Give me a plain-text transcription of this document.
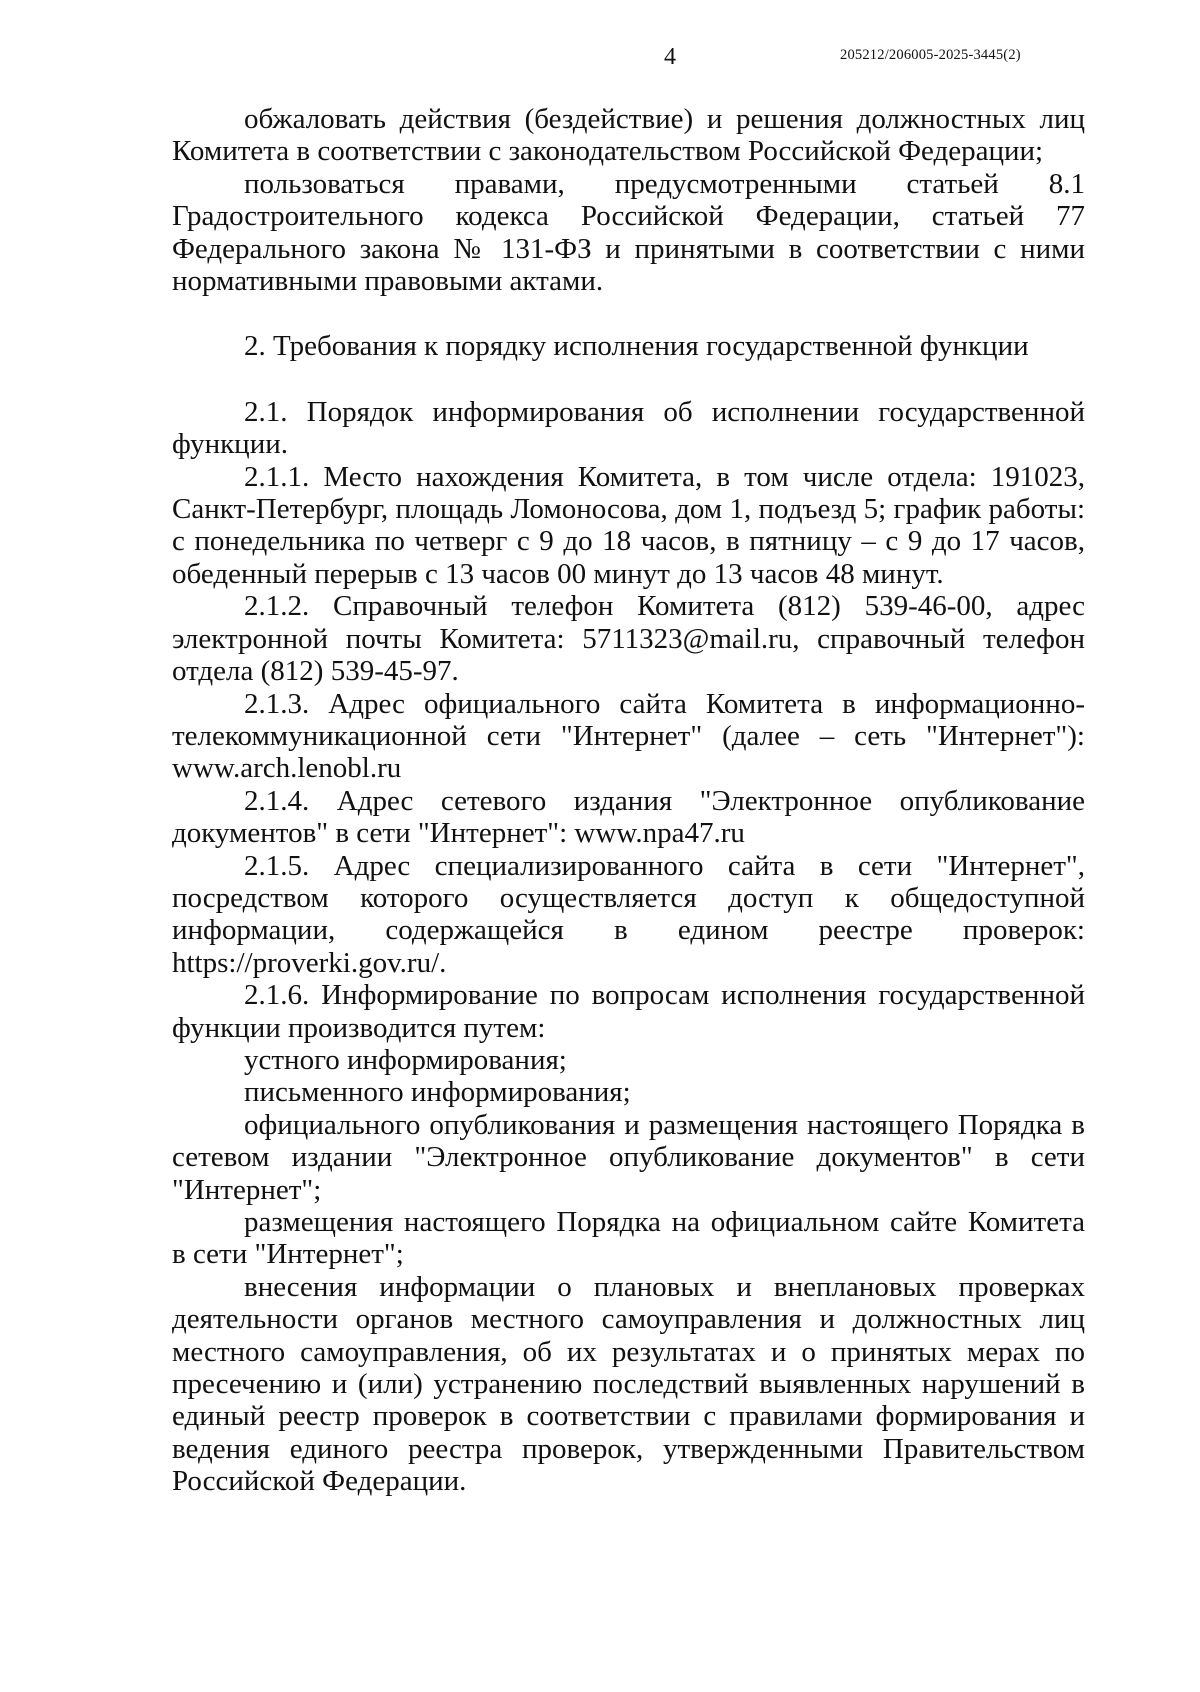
4	205212/206005-2025-3445(2)

обжаловать действия (бездействие) и решения должностных лиц Комитета в соответствии с законодательством Российской Федерации;

пользоваться правами, предусмотренными статьей 8.1 Градостроительного кодекса Российской Федерации, статьей 77 Федерального закона № 131-ФЗ и принятыми в соответствии с ними нормативными правовыми актами.

2. Требования к порядку исполнения государственной функции

2.1. Порядок информирования об исполнении государственной функции.

2.1.1. Место нахождения Комитета, в том числе отдела: 191023, Санкт-Петербург, площадь Ломоносова, дом 1, подъезд 5; график работы: с понедельника по четверг с 9 до 18 часов, в пятницу – с 9 до 17 часов, обеденный перерыв с 13 часов 00 минут до 13 часов 48 минут.

2.1.2. Справочный телефон Комитета (812) 539-46-00, адрес электронной почты Комитета: 5711323@mail.ru, справочный телефон отдела (812) 539-45-97.

2.1.3. Адрес официального сайта Комитета в информационно-телекоммуникационной сети "Интернет" (далее – сеть "Интернет"): www.arch.lenobl.ru

2.1.4. Адрес сетевого издания "Электронное опубликование документов" в сети "Интернет": www.npa47.ru

2.1.5. Адрес специализированного сайта в сети "Интернет", посредством которого осуществляется доступ к общедоступной информации, содержащейся в едином реестре проверок: https://proverki.gov.ru/.

2.1.6. Информирование по вопросам исполнения государственной функции производится путем:

устного информирования;

письменного информирования;

официального опубликования и размещения настоящего Порядка в сетевом издании "Электронное опубликование документов" в сети "Интернет";

размещения настоящего Порядка на официальном сайте Комитета в сети "Интернет";

внесения информации о плановых и внеплановых проверках деятельности органов местного самоуправления и должностных лиц местного самоуправления, об их результатах и о принятых мерах по пресечению и (или) устранению последствий выявленных нарушений в единый реестр проверок в соответствии с правилами формирования и ведения единого реестра проверок, утвержденными Правительством Российской Федерации.
